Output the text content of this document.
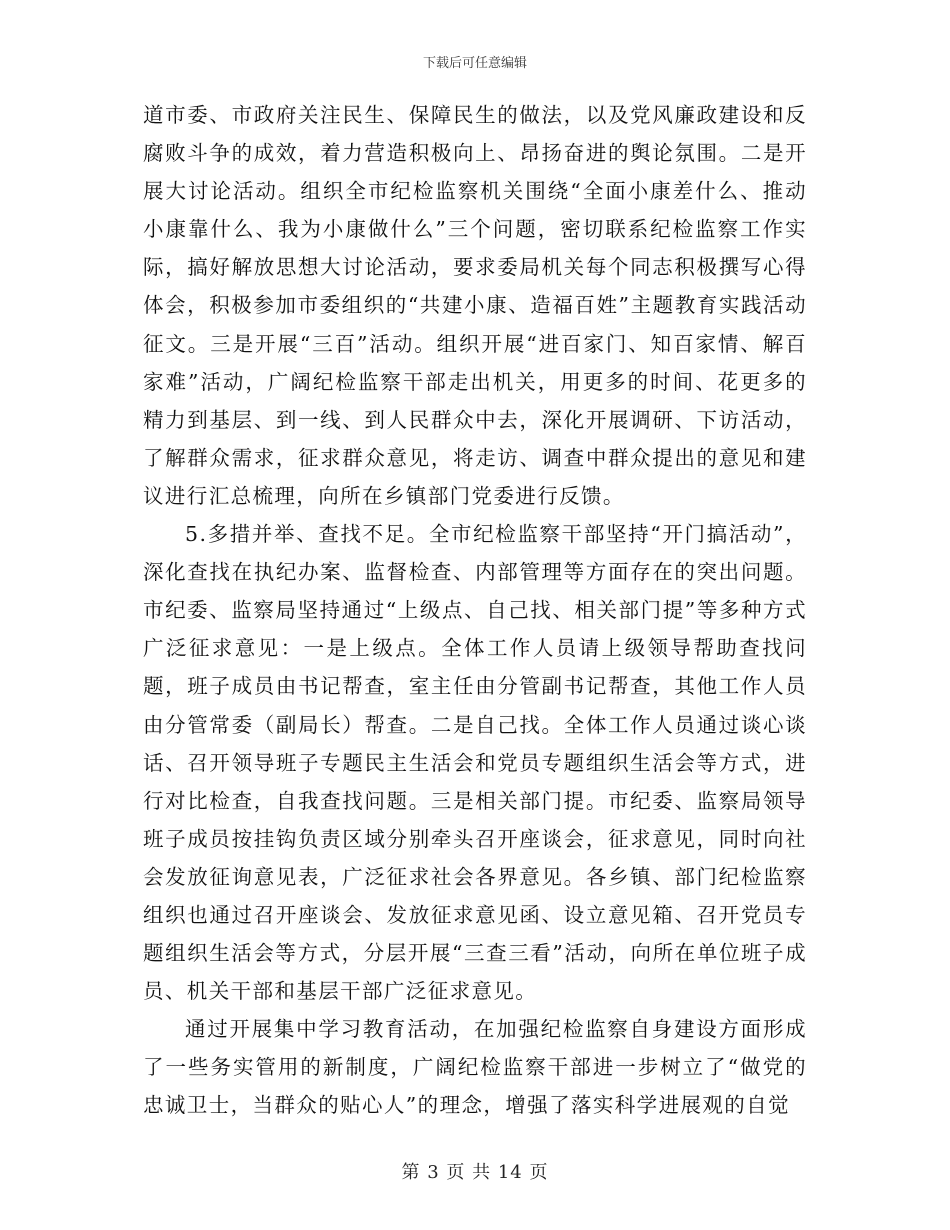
下载后可任意编辑

道市委、市政府关注民生、保障民生的做法，以及党风廉政建设和反腐败斗争的成效，着力营造积极向上、昂扬奋进的舆论氛围。二是开展大讨论活动。组织全市纪检监察机关围绕“全面小康差什么、推动小康靠什么、我为小康做什么”三个问题，密切联系纪检监察工作实际，搞好解放思想大讨论活动，要求委局机关每个同志积极撰写心得体会，积极参加市委组织的“共建小康、造福百姓”主题教育实践活动征文。三是开展“三百”活动。组织开展“进百家门、知百家情、解百家难”活动，广阔纪检监察干部走出机关，用更多的时间、花更多的精力到基层、到一线、到人民群众中去，深化开展调研、下访活动，了解群众需求，征求群众意见，将走访、调查中群众提出的意见和建议进行汇总梳理，向所在乡镇部门党委进行反馈。

5.多措并举、查找不足。全市纪检监察干部坚持“开门搞活动”，深化查找在执纪办案、监督检查、内部管理等方面存在的突出问题。市纪委、监察局坚持通过“上级点、自己找、相关部门提”等多种方式广泛征求意见：一是上级点。全体工作人员请上级领导帮助查找问题，班子成员由书记帮查，室主任由分管副书记帮查，其他工作人员由分管常委（副局长）帮查。二是自己找。全体工作人员通过谈心谈话、召开领导班子专题民主生活会和党员专题组织生活会等方式，进行对比检查，自我查找问题。三是相关部门提。市纪委、监察局领导班子成员按挂钩负责区域分别牵头召开座谈会，征求意见，同时向社会发放征询意见表，广泛征求社会各界意见。各乡镇、部门纪检监察组织也通过召开座谈会、发放征求意见函、设立意见箱、召开党员专题组织生活会等方式，分层开展“三查三看”活动，向所在单位班子成员、机关干部和基层干部广泛征求意见。

通过开展集中学习教育活动，在加强纪检监察自身建设方面形成了一些务实管用的新制度，广阔纪检监察干部进一步树立了“做党的忠诚卫士，当群众的贴心人”的理念，增强了落实科学进展观的自觉

第 3 页 共 14 页
